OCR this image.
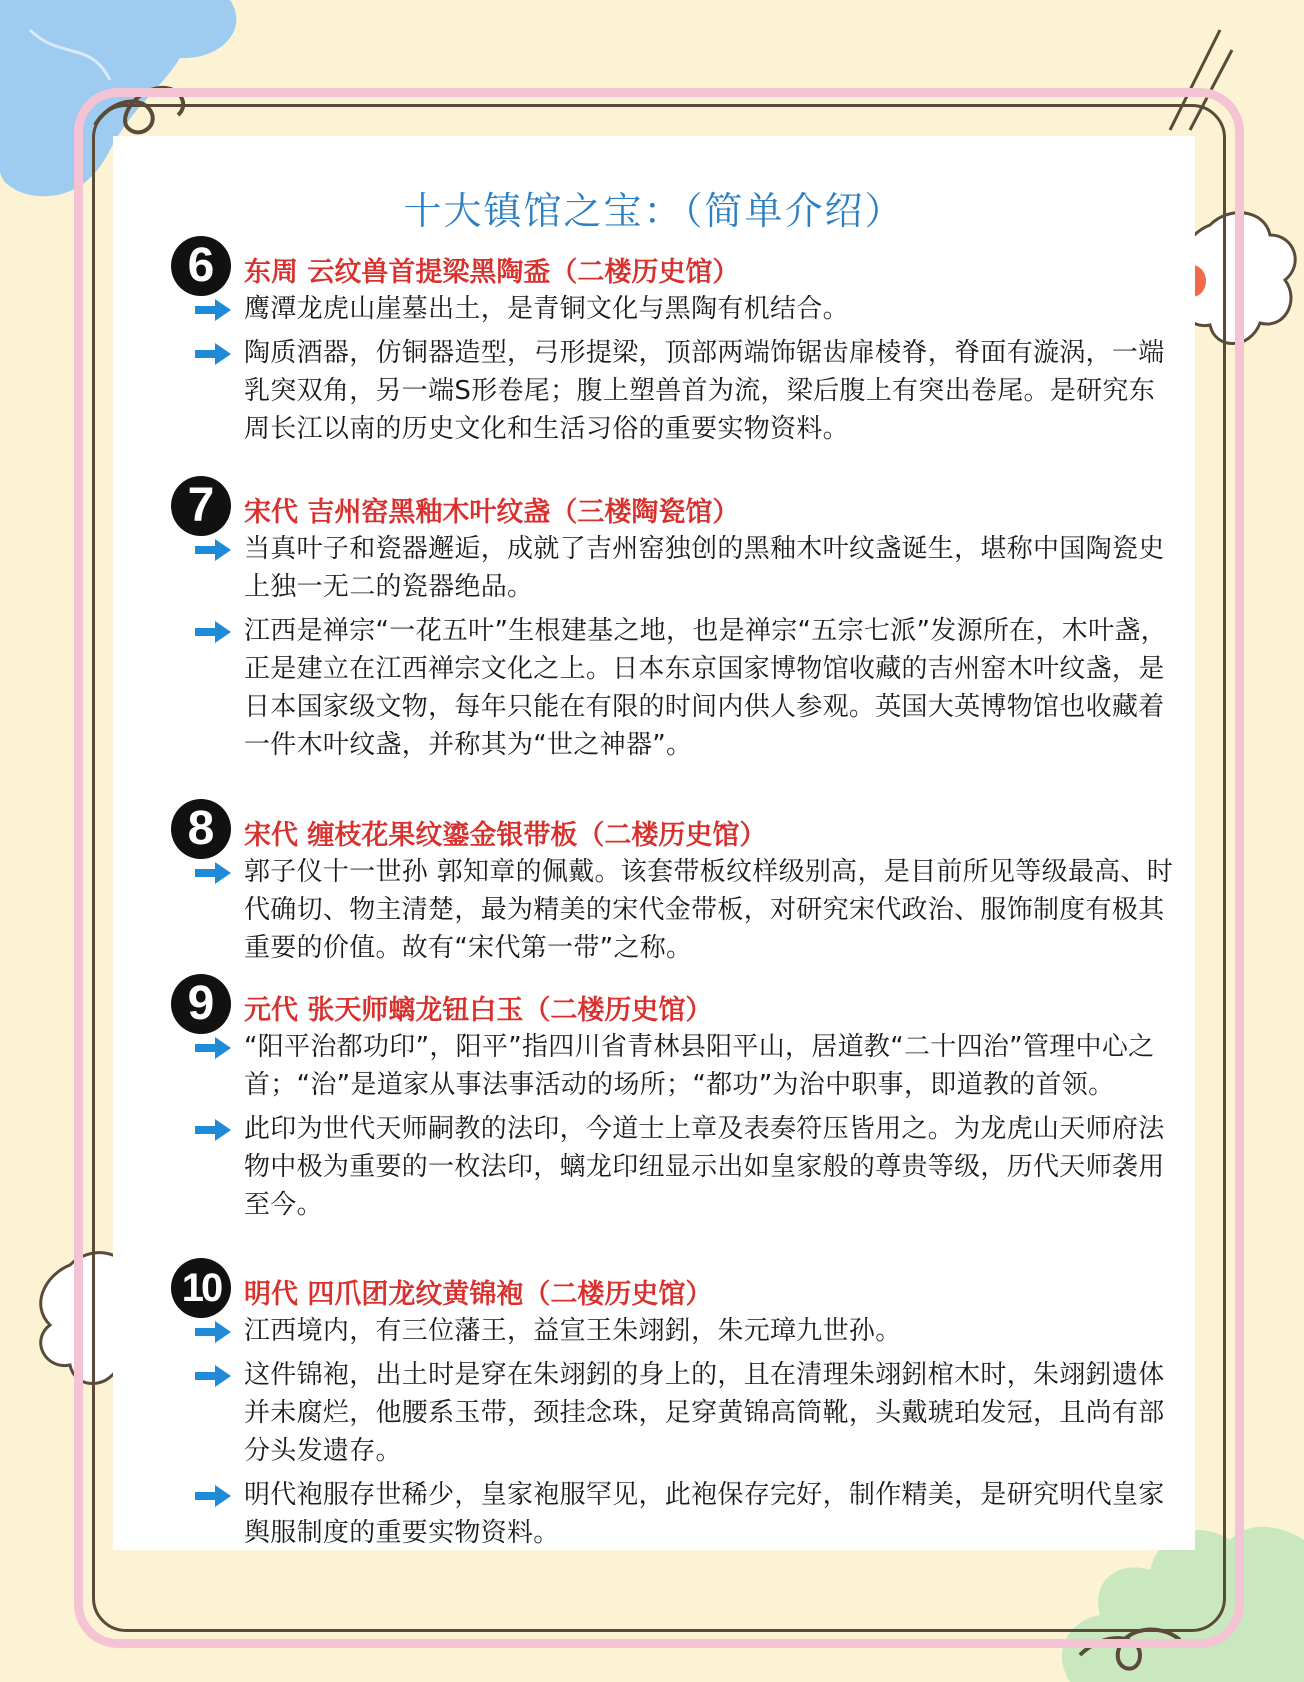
十大镇馆之宝：（简单介绍）
6	东周 云纹兽首提梁黑陶盉（二楼历史馆）
鹰潭龙虎山崖墓出土，是青铜文化与黑陶有机结合。
陶质酒器，仿铜器造型，弓形提梁，顶部两端饰锯齿扉棱脊，脊面有漩涡，一端乳突双角，另一端S形卷尾；腹上塑兽首为流，梁后腹上有突出卷尾。是研究东周长江以南的历史文化和生活习俗的重要实物资料。
7	宋代 吉州窑黑釉木叶纹盏（三楼陶瓷馆）
当真叶子和瓷器邂逅，成就了吉州窑独创的黑釉木叶纹盏诞生，堪称中国陶瓷史上独一无二的瓷器绝品。
江西是禅宗“一花五叶”生根建基之地，也是禅宗“五宗七派”发源所在，木叶盏，正是建立在江西禅宗文化之上。日本东京国家博物馆收藏的吉州窑木叶纹盏，是日本国家级文物，每年只能在有限的时间内供人参观。英国大英博物馆也收藏着一件木叶纹盏，并称其为“世之神器”。
8	宋代 缠枝花果纹鎏金银带板（二楼历史馆）
郭子仪十一世孙 郭知章的佩戴。该套带板纹样级别高，是目前所见等级最高、时代确切、物主清楚，最为精美的宋代金带板，对研究宋代政治、服饰制度有极其重要的价值。故有“宋代第一带”之称。
9	元代 张天师螭龙钮白玉（二楼历史馆）
“阳平治都功印”，阳平”指四川省青林县阳平山，居道教“二十四治”管理中心之首；“治”是道家从事法事活动的场所；“都功”为治中职事，即道教的首领。
此印为世代天师嗣教的法印，今道士上章及表奏符压皆用之。为龙虎山天师府法物中极为重要的一枚法印，螭龙印纽显示出如皇家般的尊贵等级，历代天师袭用至今。
10 明代 四爪团龙纹黄锦袍（二楼历史馆）
江西境内，有三位藩王，益宣王朱翊鈏，朱元璋九世孙。
这件锦袍，出土时是穿在朱翊鈏的身上的，且在清理朱翊鈏棺木时，朱翊鈏遗体并未腐烂，他腰系玉带，颈挂念珠，足穿黄锦高筒靴，头戴琥珀发冠，且尚有部分头发遗存。
明代袍服存世稀少，皇家袍服罕见，此袍保存完好，制作精美，是研究明代皇家舆服制度的重要实物资料。
